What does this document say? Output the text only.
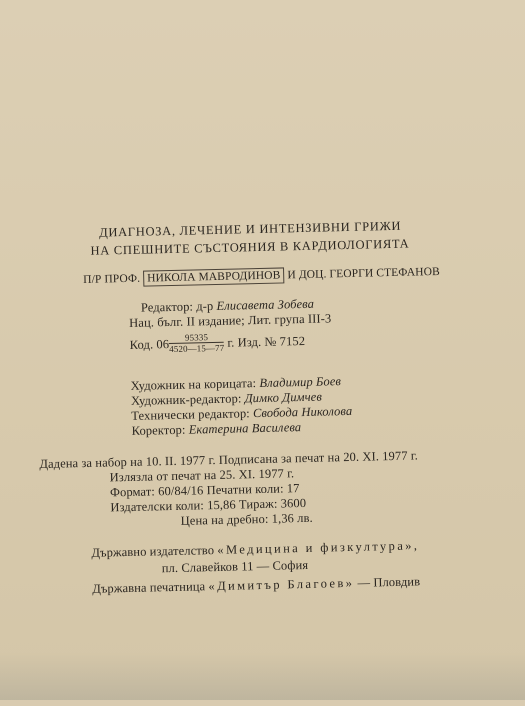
ДИАГНОЗА, ЛЕЧЕНИЕ И ИНТЕНЗИВНИ ГРИЖИ
НА СПЕШНИТЕ СЪСТОЯНИЯ В КАРДИОЛОГИЯТА
П/Р ПРОФ. НИКОЛА МАВРОДИНОВ И ДОЦ. ГЕОРГИ СТЕФАНОВ
Редактор: д-р Елисавета Зобева
Нац. бълг. II издание; Лит. група III-3
Код. $06 \frac{95335}{4520—15—77} г$. Изд. № 7152
Художник на корицата: Владимир Боев
Художник-редактор: Димко Димчев
Технически редактор: Свобода Николова
Коректор: Екатерина Василева
Дадена за набор на 10. II. 1977 г. Подписана за печат на 20. XI. 1977 г.
Излязла от печат на 25. XI. 1977 г.
Формат: 60/84/16 Печатни коли: 17
Издателски коли: 15,86 Тираж: 3600
Цена на дребно: 1,36 лв.
Държавно издателство «Медицина и физкултура»,
пл. Славейков 11 — София
Държавна печатница «Димитър Благоев» — Пловдив
